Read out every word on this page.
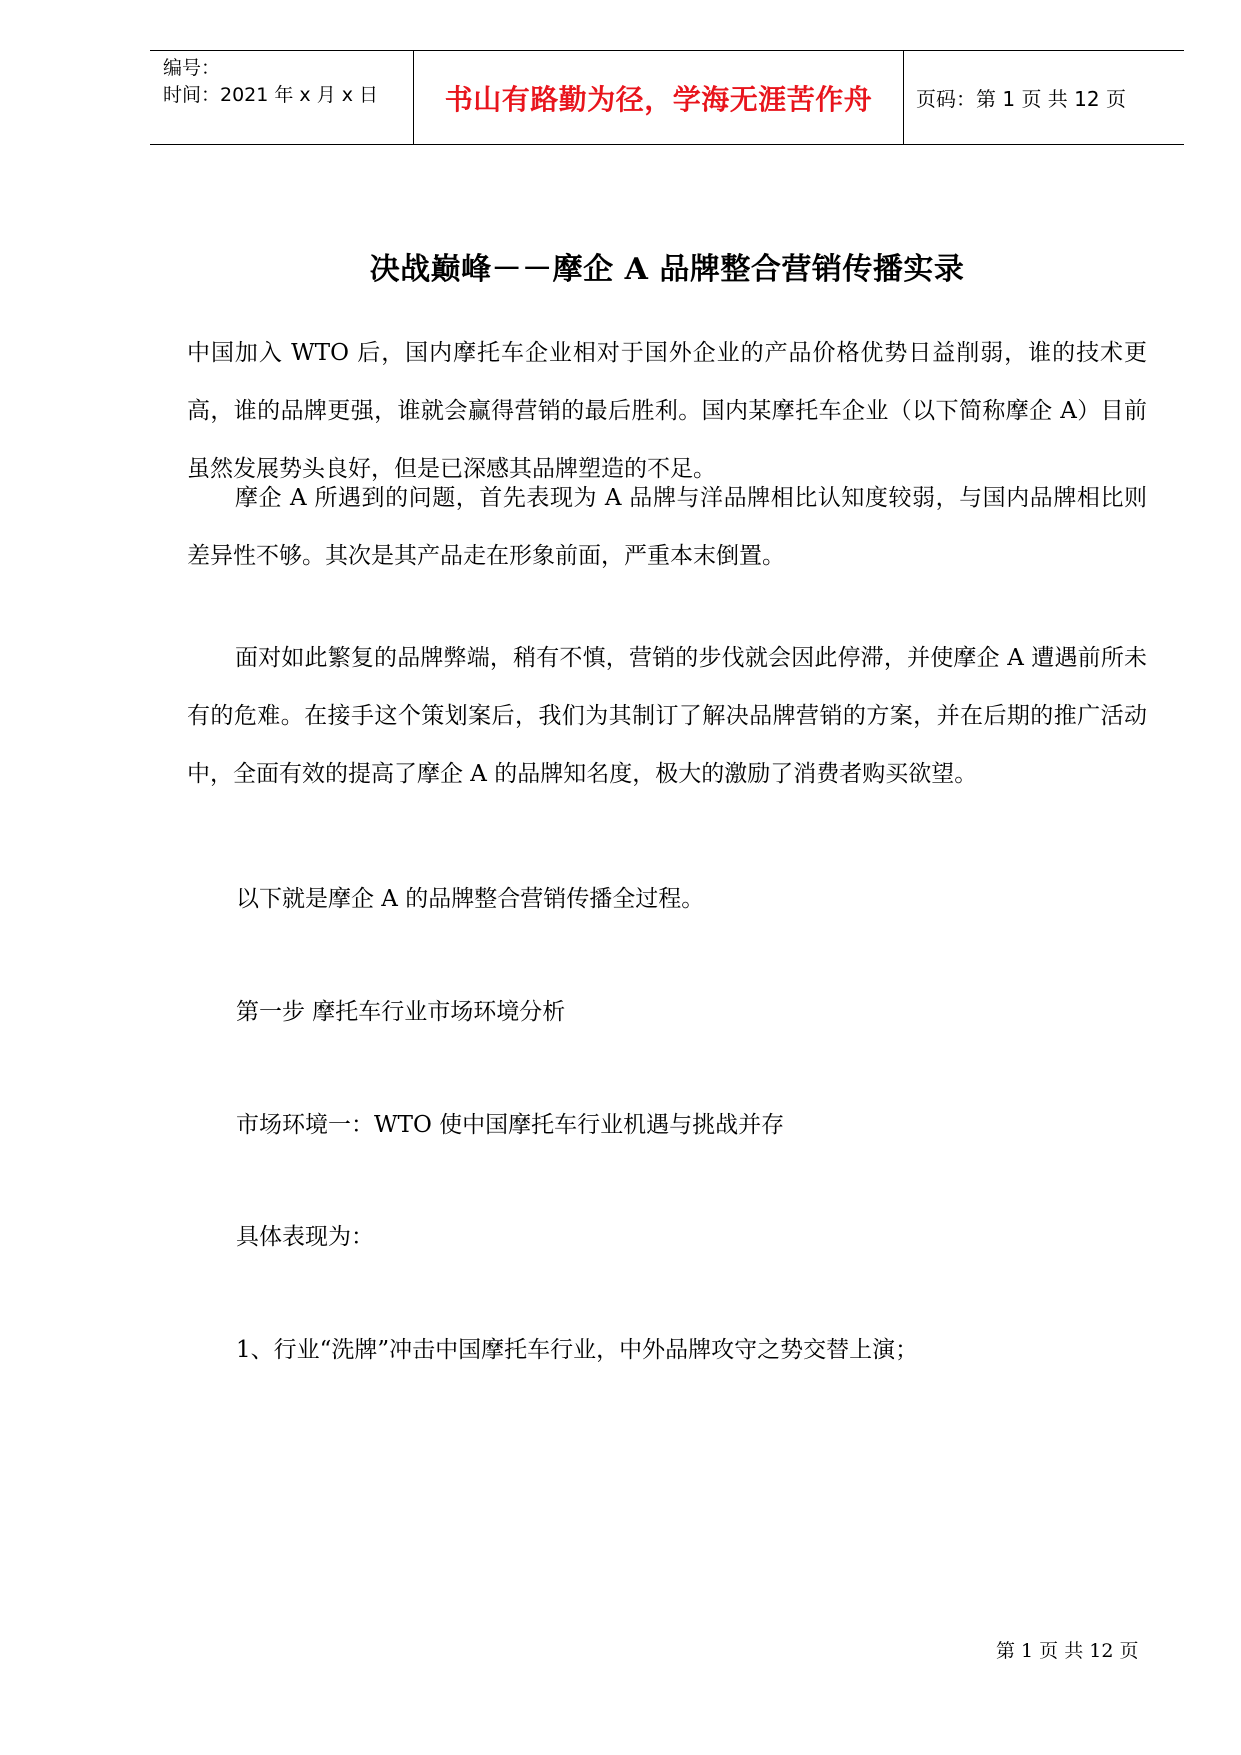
编号：
时间：2021 年 x 月 x 日	书山有路勤为径，学海无涯苦作舟	页码：第 1 页 共 12 页
决战巅峰－－摩企 A 品牌整合营销传播实录

中国加入 WTO 后，国内摩托车企业相对于国外企业的产品价格优势日益削弱，谁的技术更高，谁的品牌更强，谁就会赢得营销的最后胜利。国内某摩托车企业（以下简称摩企 A）目前虽然发展势头良好，但是已深感其品牌塑造的不足。

摩企 A 所遇到的问题，首先表现为 A 品牌与洋品牌相比认知度较弱，与国内品牌相比则差异性不够。其次是其产品走在形象前面，严重本末倒置。

面对如此繁复的品牌弊端，稍有不慎，营销的步伐就会因此停滞，并使摩企 A 遭遇前所未有的危难。在接手这个策划案后，我们为其制订了解决品牌营销的方案，并在后期的推广活动中，全面有效的提高了摩企 A 的品牌知名度，极大的激励了消费者购买欲望。

以下就是摩企 A 的品牌整合营销传播全过程。

第一步 摩托车行业市场环境分析

市场环境一：WTO 使中国摩托车行业机遇与挑战并存

具体表现为：

1、行业“洗牌”冲击中国摩托车行业，中外品牌攻守之势交替上演；

第 1 页 共 12 页
